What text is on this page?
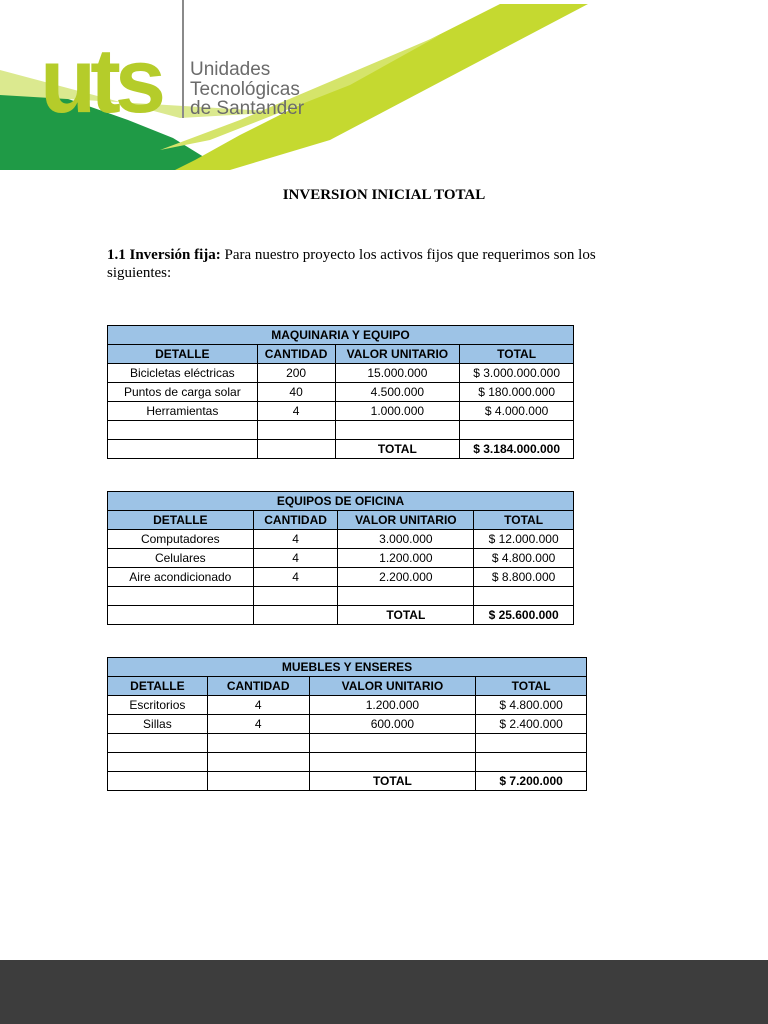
uts Unidades
Tecnológicas
de Santander
INVERSION INICIAL TOTAL
1.1 Inversión fija: Para nuestro proyecto los activos fijos que requerimos son los siguientes:
MAQUINARIA Y EQUIPO			
DETALLE	CANTIDAD	VALOR UNITARIO	TOTAL
Bicicletas eléctricas	200	15.000.000	$ 3.000.000.000
Puntos de carga solar	40	4.500.000	$ 180.000.000
Herramientas	4	1.000.000	$ 4.000.000

		TOTAL	$ 3.184.000.000
EQUIPOS DE OFICINA			
DETALLE	CANTIDAD	VALOR UNITARIO	TOTAL
Computadores	4	3.000.000	$ 12.000.000
Celulares	4	1.200.000	$ 4.800.000
Aire acondicionado	4	2.200.000	$ 8.800.000

		TOTAL	$ 25.600.000
MUEBLES Y ENSERES			
DETALLE	CANTIDAD	VALOR UNITARIO	TOTAL
Escritorios	4	1.200.000	$ 4.800.000
Sillas	4	600.000	$ 2.400.000

		TOTAL	$ 7.200.000
